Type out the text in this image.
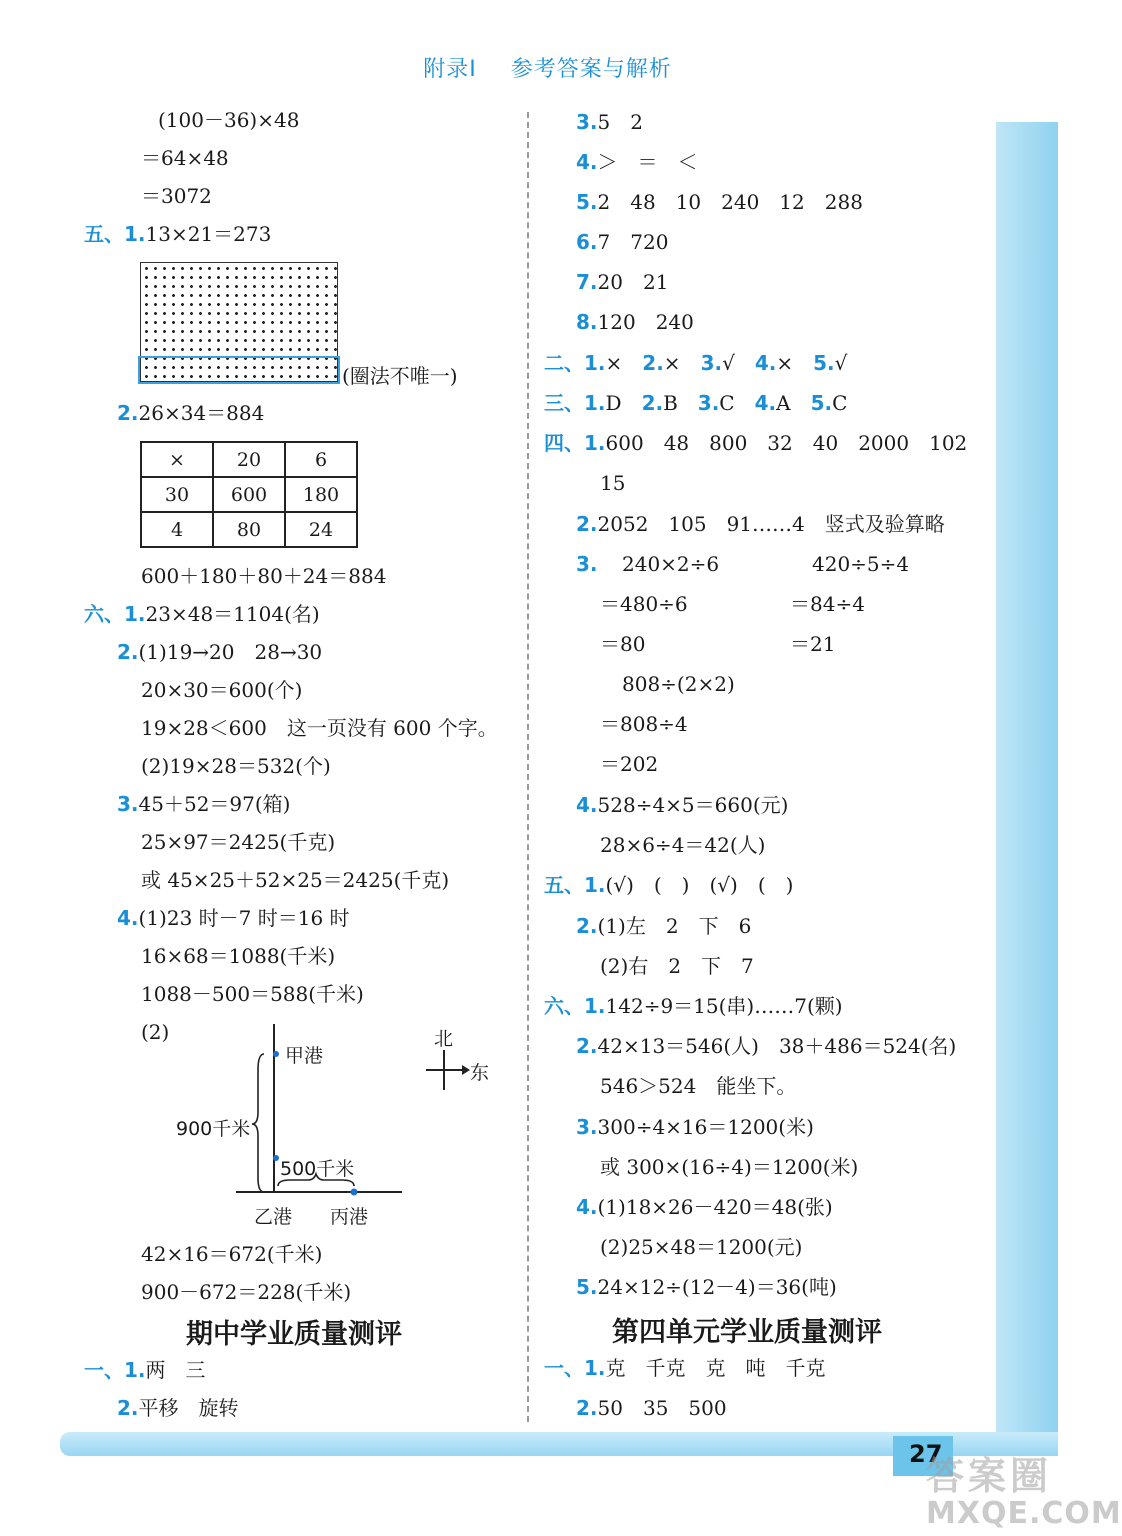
附录Ⅰ 参考答案与解析
(100－36)×48
＝64×48
＝3072
五、1.13×21＝273
(圈法不唯一)
2.26×34＝884
×	20	6
30	600	180
4	80	24
600＋180＋80＋24＝884
六、1.23×48＝1104(名)
2.(1)19→20　28→30
20×30＝600(个)
19×28＜600　这一页没有 600 个字。
(2)19×28＝532(个)
3.45＋52＝97(箱)
25×97＝2425(千克)
或 45×25＋52×25＝2425(千克)
4.(1)23 时－7 时＝16 时
16×68＝1088(千米)
1088－500＝588(千米)
(2)
甲港
900千米
500千米
乙港 丙港
北
东
42×16＝672(千米)
900－672＝228(千米)
期中学业质量测评
一、1.两　三
2.平移　旋转
3.5　2
4.＞　＝　＜
5.2　48　10　240　12　288
6.7　720
7.20　21
8.120　240
二、1.×　 2.×　 3.√　 4.×　 5.√
三、1.D　 2.B　 3.C　 4.A　 5.C
四、1.600　48　800　32　40　2000　102
15
2.2052　105　91……4　竖式及验算略
3. 240×2÷6
＝480÷6
＝80
420÷5÷4
＝84÷4
＝21
808÷(2×2)
＝808÷4
＝202
4.528÷4×5＝660(元)
28×6÷4＝42(人)
五、1.(√)　(　)　(√)　(　)
2.(1)左　2　下　6
(2)右　2　下　7
六、1.142÷9＝15(串)……7(颗)
2.42×13＝546(人)　38＋486＝524(名)
546＞524　能坐下。
3.300÷4×16＝1200(米)
或 300×(16÷4)＝1200(米)
4.(1)18×26－420＝48(张)
(2)25×48＝1200(元)
5.24×12÷(12－4)＝36(吨)
第四单元学业质量测评
一、1.克　千克　克　吨　千克
2.50　35　500
27
答案圈
MXQE.COM
